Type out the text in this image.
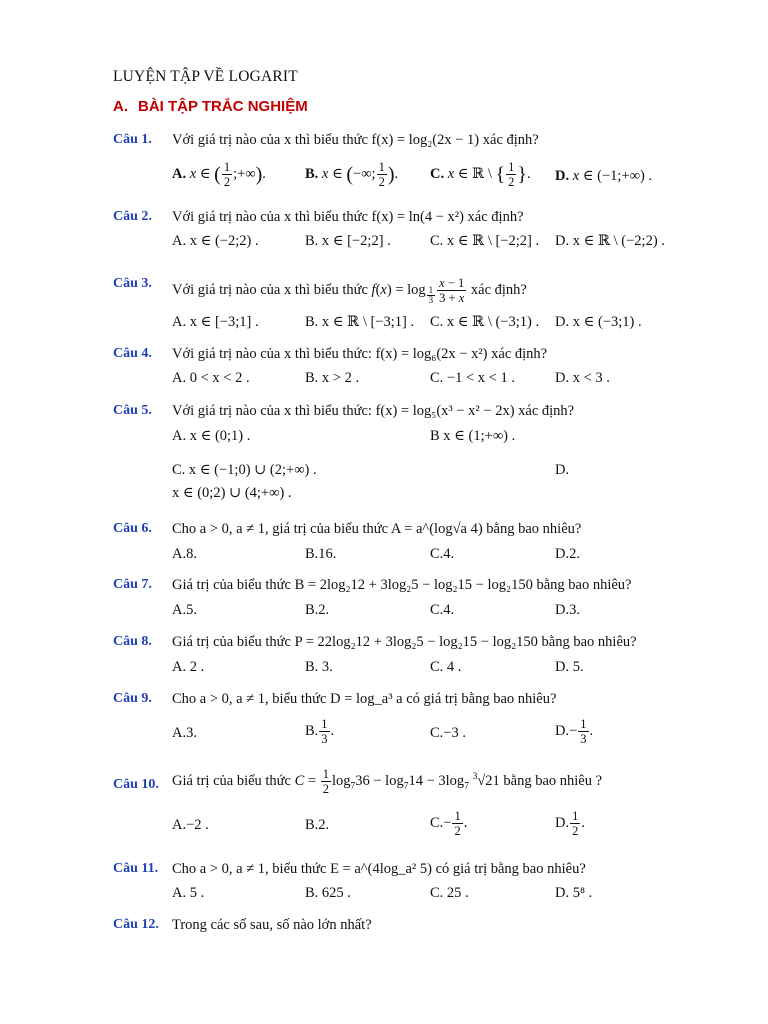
LUYỆN TẬP VỀ LOGARIT
A. BÀI TẬP TRẮC NGHIỆM
Câu 1. Với giá trị nào của x thì biểu thức f(x) = log₂(2x − 1) xác định?
A. x ∈ ( $\frac{1}{2}$ ;+∞).	B. x ∈ (−∞; $\frac{1}{2}$ ). C. x ∈ ℝ \ { $\frac{1}{2}$ }. D. x ∈ (−1;+∞) .
Câu 2. Với giá trị nào của x thì biểu thức f(x) = ln(4 − x²) xác định?
A. x ∈ (−2;2) .	B. x ∈ [−2;2] .	C. x ∈ ℝ \ [−2;2] . D. x ∈ ℝ \ (−2;2) .
Câu 3. Với giá trị nào của x thì biểu thức $f(x) = \log _{\frac{1}{3}} \frac{x - 1}{3 + x}$ xác định?
A. x ∈ [−3;1] .	B. x ∈ ℝ \ [−3;1] . C. x ∈ ℝ \ (−3;1) . D. x ∈ (−3;1) .
Câu 4. Với giá trị nào của x thì biểu thức: f(x) = log₆(2x − x²) xác định?
A. 0 < x < 2 .	B. x > 2 .	C. −1 < x < 1 .	D. x < 3 .
Câu 5. Với giá trị nào của x thì biểu thức: f(x) = log₅(x³ − x² − 2x) xác định?
A. x ∈ (0;1) .	B x ∈ (1;+∞) .
C. x ∈ (−1;0) ∪ (2;+∞) .	D.
x ∈ (0;2) ∪ (4;+∞) .
Câu 6. Cho a > 0, a ≠ 1, giá trị của biểu thức A = a^(log√a 4) bằng bao nhiêu?
A.8.	B.16.	C.4.	D.2.
Câu 7. Giá trị của biểu thức B = 2log₂12 + 3log₂5 − log₂15 − log₂150 bằng bao nhiêu?
A.5.	B.2.	C.4.	D.3.
Câu 8. Giá trị của biểu thức P = 22log₂12 + 3log₂5 − log₂15 − log₂150 bằng bao nhiêu?
A. 2 .	B. 3.	C. 4 .	D. 5.
Câu 9. Cho a > 0, a ≠ 1, biểu thức D = log_a³ a có giá trị bằng bao nhiêu?
A.3.	B. $\frac{1}{3}$ .	C.−3 .	$D.- \frac{1}{3}$ .
Câu 10. Giá trị của biểu thức $C = \frac{1}{2} \log_736 - \log_714 - 3\log_7$ $^3$√21 bằng bao nhiêu ?
A.−2 .	B.2.	$C.- \frac{1}{2}$ .	D. $\frac{1}{2}$ .
Câu 11. Cho a > 0, a ≠ 1, biểu thức E = a^(4log_a² 5) có giá trị bằng bao nhiêu?
A. 5 .	B. 625 .	C. 25 .	D. 5⁸ .
Câu 12. Trong các số sau, số nào lớn nhất?
